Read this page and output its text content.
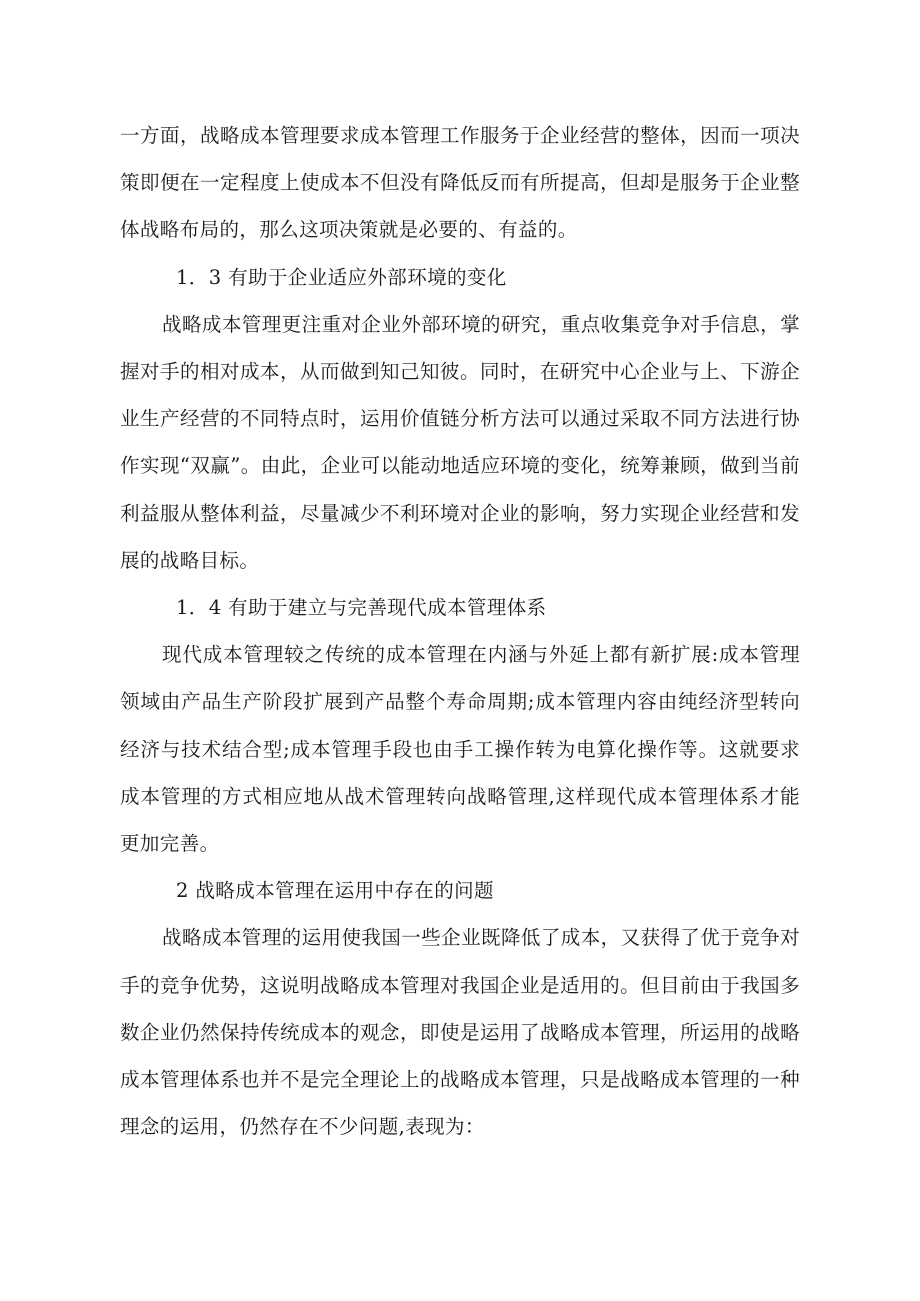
一方面，战略成本管理要求成本管理工作服务于企业经营的整体，因而一项决策即便在一定程度上使成本不但没有降低反而有所提高，但却是服务于企业整体战略布局的，那么这项决策就是必要的、有益的。

1．3 有助于企业适应外部环境的变化

战略成本管理更注重对企业外部环境的研究，重点收集竞争对手信息，掌握对手的相对成本，从而做到知己知彼。同时，在研究中心企业与上、下游企业生产经营的不同特点时，运用价值链分析方法可以通过采取不同方法进行协作实现“双赢”。由此，企业可以能动地适应环境的变化，统筹兼顾，做到当前利益服从整体利益，尽量减少不利环境对企业的影响，努力实现企业经营和发展的战略目标。

1．4 有助于建立与完善现代成本管理体系

现代成本管理较之传统的成本管理在内涵与外延上都有新扩展:成本管理领域由产品生产阶段扩展到产品整个寿命周期;成本管理内容由纯经济型转向经济与技术结合型;成本管理手段也由手工操作转为电算化操作等。这就要求成本管理的方式相应地从战术管理转向战略管理,这样现代成本管理体系才能更加完善。

2 战略成本管理在运用中存在的问题

战略成本管理的运用使我国一些企业既降低了成本，又获得了优于竞争对手的竞争优势，这说明战略成本管理对我国企业是适用的。但目前由于我国多数企业仍然保持传统成本的观念，即使是运用了战略成本管理，所运用的战略成本管理体系也并不是完全理论上的战略成本管理，只是战略成本管理的一种理念的运用，仍然存在不少问题,表现为：
